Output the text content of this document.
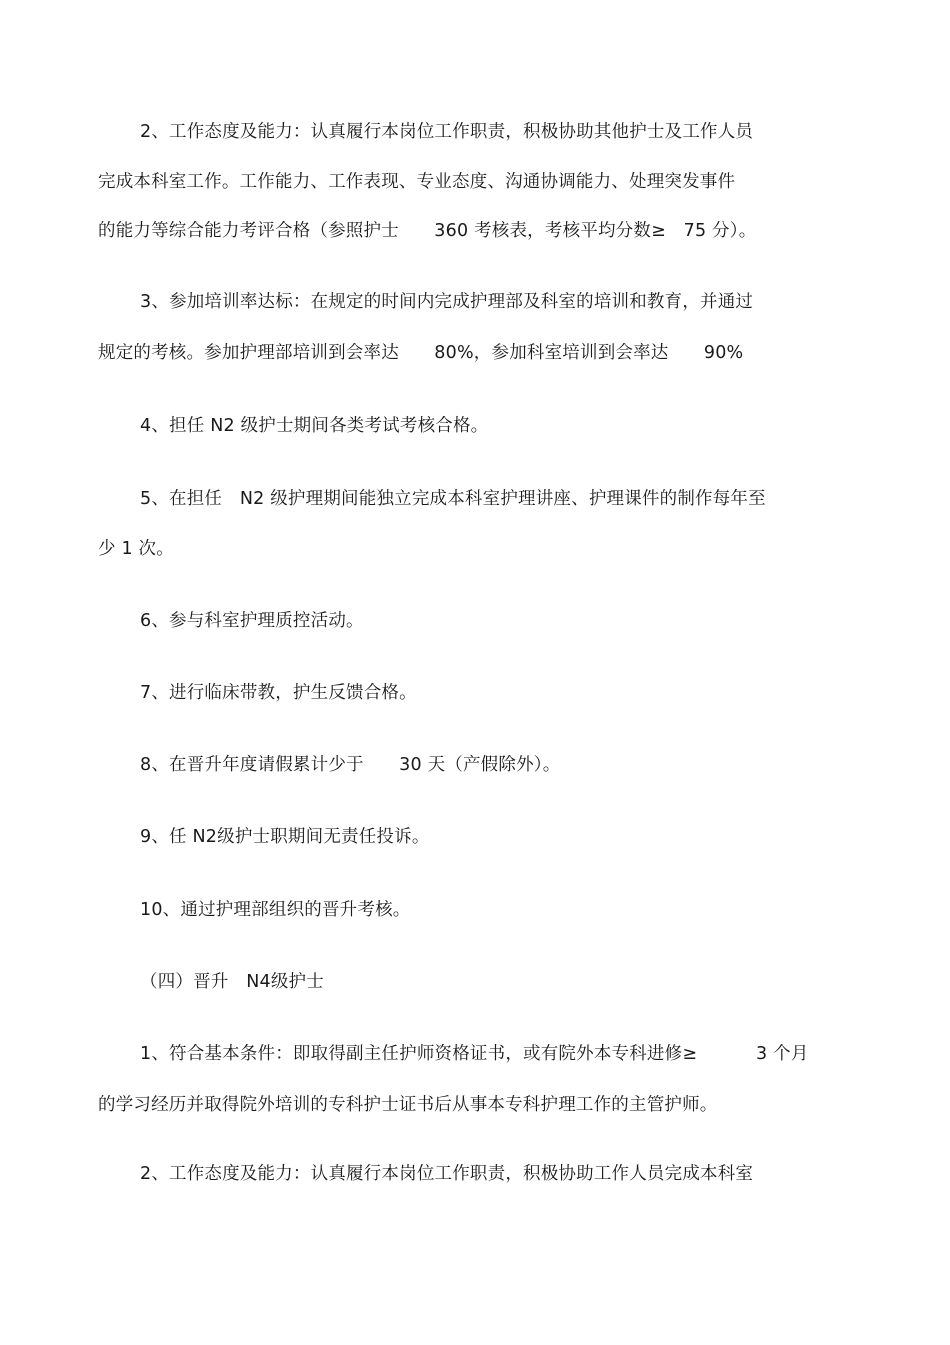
2、工作态度及能力：认真履行本岗位工作职责，积极协助其他护士及工作人员
完成本科室工作。工作能力、工作表现、专业态度、沟通协调能力、处理突发事件
的能力等综合能力考评合格（参照护士　　360 考核表，考核平均分数≥　75 分）。
3、参加培训率达标：在规定的时间内完成护理部及科室的培训和教育，并通过
规定的考核。参加护理部培训到会率达　　80%，参加科室培训到会率达　　90%
4、担任 N2 级护士期间各类考试考核合格。
5、在担任　N2 级护理期间能独立完成本科室护理讲座、护理课件的制作每年至
少 1 次。
6、参与科室护理质控活动。
7、进行临床带教，护生反馈合格。
8、在晋升年度请假累计少于　　30 天（产假除外）。
9、任 N2级护士职期间无责任投诉。
10、通过护理部组织的晋升考核。
（四）晋升　N4级护士
1、符合基本条件：即取得副主任护师资格证书，或有院外本专科进修≥　　　 3 个月
的学习经历并取得院外培训的专科护士证书后从事本专科护理工作的主管护师。
2、工作态度及能力：认真履行本岗位工作职责，积极协助工作人员完成本科室
